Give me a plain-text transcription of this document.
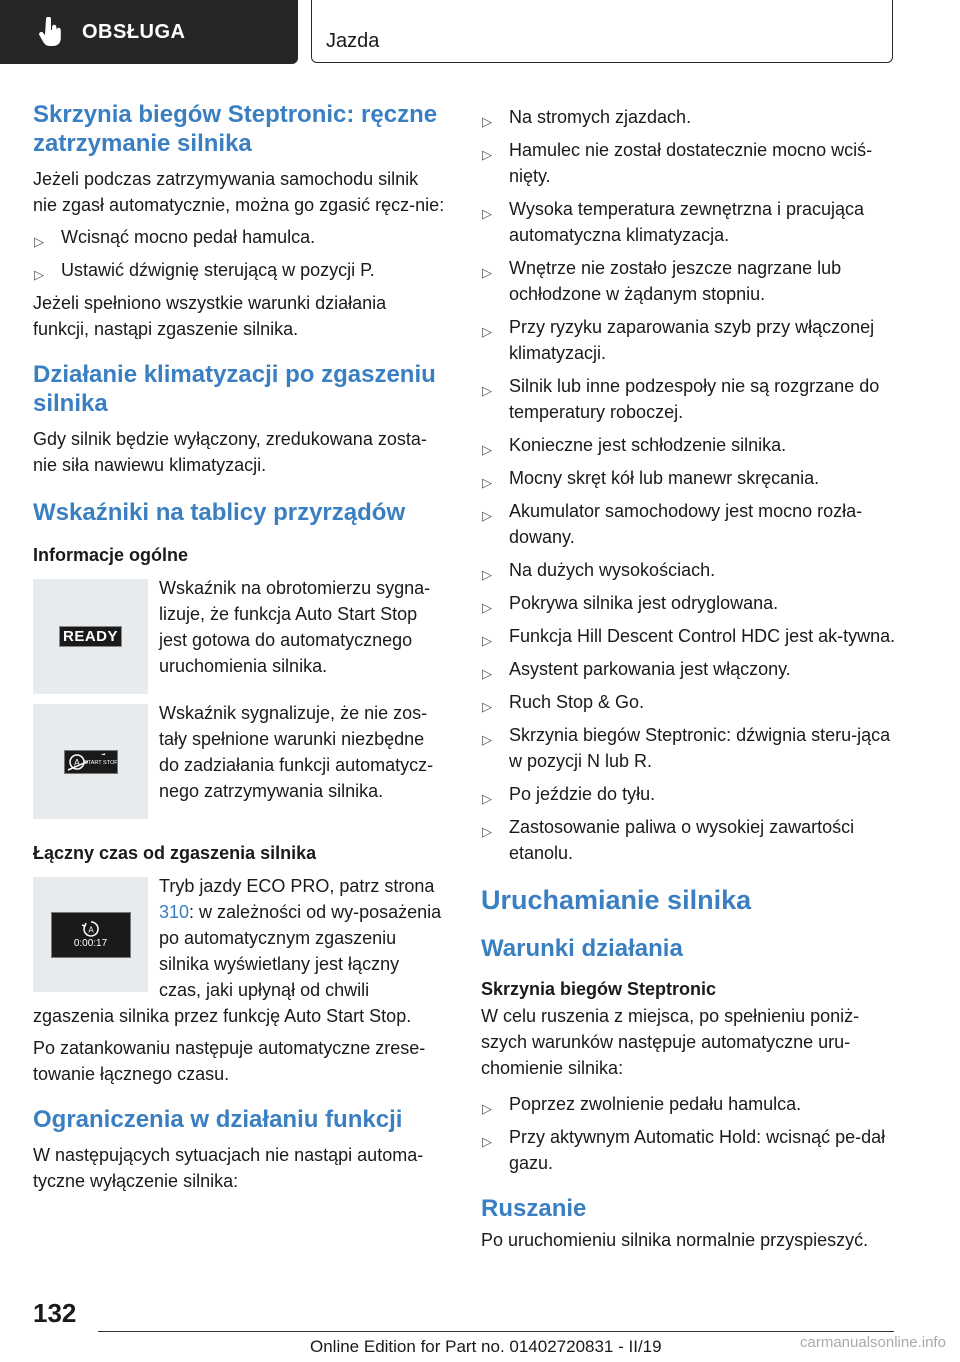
OBSŁUGA	Jazda
Skrzynia biegów Steptronic: ręczne zatrzymanie silnika

Jeżeli podczas zatrzymywania samochodu silnik nie zgasł automatycznie, można go zgasić ręcz-nie:

▷ Wcisnąć mocno pedał hamulca.
▷ Ustawić dźwignię sterującą w pozycji P.

Jeżeli spełniono wszystkie warunki działania funkcji, nastąpi zgaszenie silnika.

Działanie klimatyzacji po zgaszeniu silnika

Gdy silnik będzie wyłączony, zredukowana zosta-nie siła nawiewu klimatyzacji.

Wskaźniki na tablicy przyrządów
Informacje ogólne
READY
Wskaźnik na obrotomierzu sygna-lizuje, że funkcja Auto Start Stop jest gotowa do automatycznego uruchomienia silnika.
A START STOP
Wskaźnik sygnalizuje, że nie zos-tały spełnione warunki niezbędne do zadziałania funkcji automatycz-nego zatrzymywania silnika.
Łączny czas od zgaszenia silnika
A
0:00:17
Tryb jazdy ECO PRO, patrz strona 310: w zależności od wy-posażenia po automatycznym zgaszeniu silnika wyświetlany jest łączny czas, jaki upłynął od chwili

zgaszenia silnika przez funkcję Auto Start Stop.

Po zatankowaniu następuje automatyczne zrese-towanie łącznego czasu.

Ograniczenia w działaniu funkcji

W następujących sytuacjach nie nastąpi automa-tyczne wyłączenie silnika:

▷ Na stromych zjazdach.
▷ Hamulec nie został dostatecznie mocno wciś-nięty.
▷ Wysoka temperatura zewnętrzna i pracująca automatyczna klimatyzacja.
▷ Wnętrze nie zostało jeszcze nagrzane lub ochłodzone w żądanym stopniu.
▷ Przy ryzyku zaparowania szyb przy włączonej klimatyzacji.
▷ Silnik lub inne podzespoły nie są rozgrzane do temperatury roboczej.
▷ Konieczne jest schłodzenie silnika.
▷ Mocny skręt kół lub manewr skręcania.
▷ Akumulator samochodowy jest mocno rozła-dowany.
▷ Na dużych wysokościach.
▷ Pokrywa silnika jest odryglowana.
▷ Funkcja Hill Descent Control HDC jest ak-tywna.
▷ Asystent parkowania jest włączony.
▷ Ruch Stop & Go.
▷ Skrzynia biegów Steptronic: dźwignia steru-jąca w pozycji N lub R.
▷ Po jeździe do tyłu.
▷ Zastosowanie paliwa o wysokiej zawartości etanolu.
Uruchamianie silnika
Warunki działania
Skrzynia biegów Steptronic

W celu ruszenia z miejsca, po spełnieniu poniż-szych warunków następuje automatyczne uru-chomienie silnika:

▷ Poprzez zwolnienie pedału hamulca.
▷ Przy aktywnym Automatic Hold: wcisnąć pe-dał gazu.
Ruszanie

Po uruchomieniu silnika normalnie przyspieszyć.

132
Online Edition for Part no. 01402720831 - II/19	carmanualsonline.info
